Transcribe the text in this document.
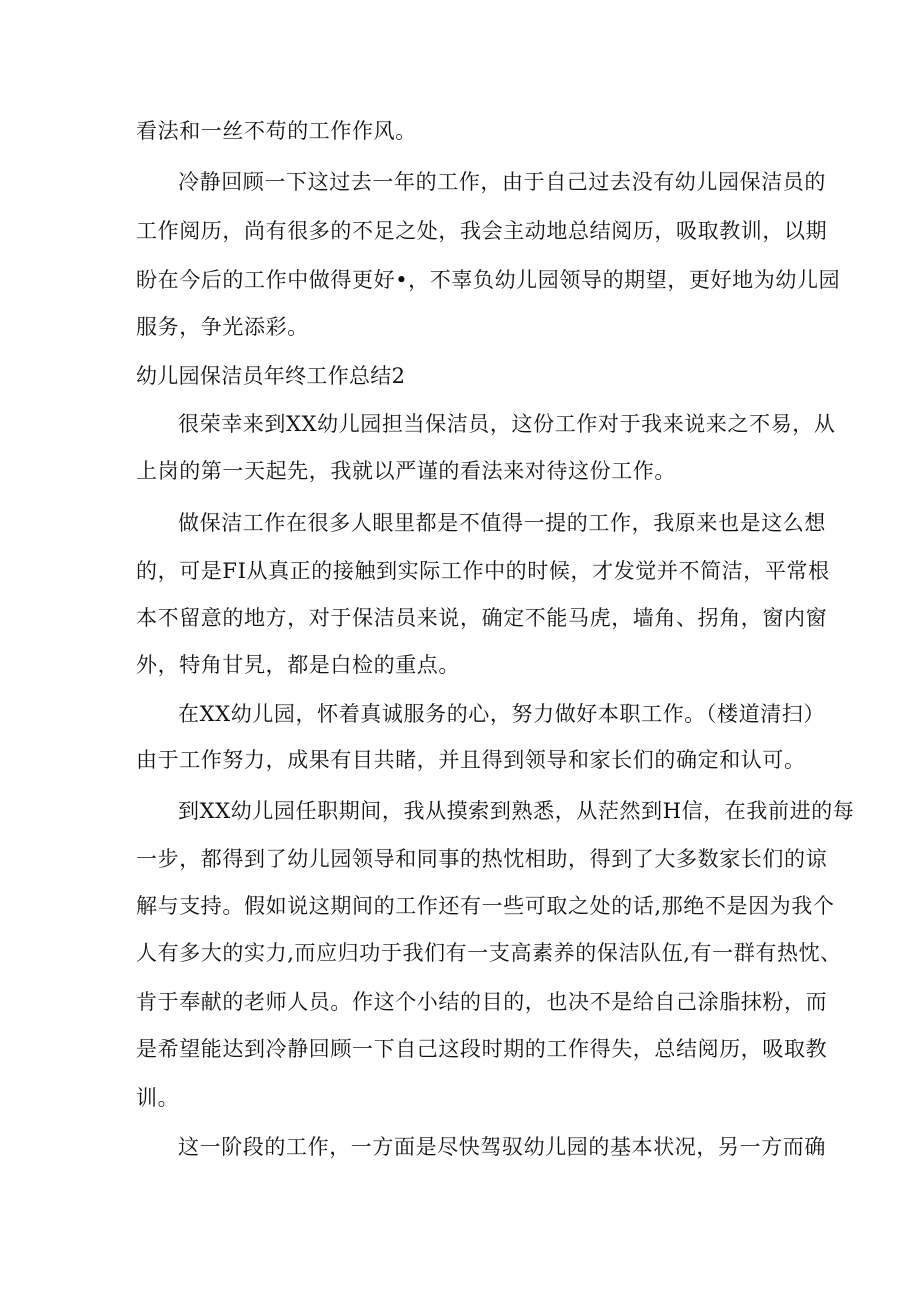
看法和一丝不苟的工作作风。

冷静回顾一下这过去一年的工作，由于自己过去没有幼儿园保洁员的

工作阅历，尚有很多的不足之处，我会主动地总结阅历，吸取教训，以期

盼在今后的工作中做得更好•，不辜负幼儿园领导的期望，更好地为幼儿园

服务，争光添彩。

幼儿园保洁员年终工作总结2

很荣幸来到XX幼儿园担当保洁员，这份工作对于我来说来之不易，从

上岗的第一天起先，我就以严谨的看法来对待这份工作。

做保洁工作在很多人眼里都是不值得一提的工作，我原来也是这么想

的，可是FI从真正的接触到实际工作中的时候，才发觉并不简洁，平常根

本不留意的地方，对于保洁员来说，确定不能马虎，墙角、拐角，窗内窗

外，特角甘旯，都是白检的重点。

在XX幼儿园，怀着真诚服务的心，努力做好本职工作。（楼道清扫）

由于工作努力，成果有目共睹，并且得到领导和家长们的确定和认可。

到XX幼儿园任职期间，我从摸索到熟悉，从茫然到H信，在我前进的每

一步，都得到了幼儿园领导和同事的热忱相助，得到了大多数家长们的谅

解与支持。假如说这期间的工作还有一些可取之处的话,那绝不是因为我个

人有多大的实力,而应归功于我们有一支高素养的保洁队伍,有一群有热忱、

肯于奉献的老师人员。作这个小结的目的，也决不是给自己涂脂抹粉，而

是希望能达到冷静回顾一下自己这段时期的工作得失，总结阅历，吸取教

训。

这一阶段的工作，一方面是尽快驾驭幼儿园的基本状况，另一方而确
